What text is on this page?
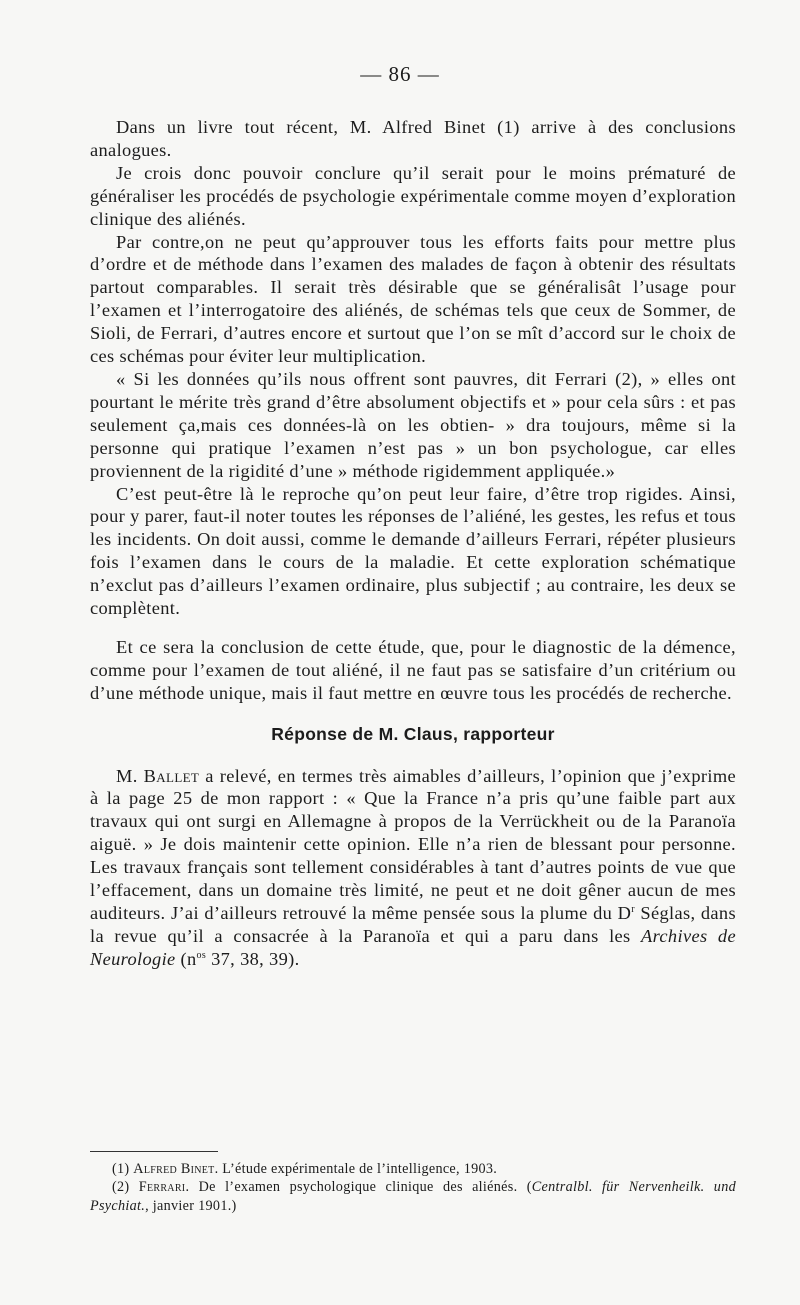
— 86 —

Dans un livre tout récent, M. Alfred Binet (1) arrive à des conclusions analogues.

Je crois donc pouvoir conclure qu’il serait pour le moins prématuré de généraliser les procédés de psychologie expérimentale comme moyen d’exploration clinique des aliénés.

Par contre,on ne peut qu’approuver tous les efforts faits pour mettre plus d’ordre et de méthode dans l’examen des malades de façon à obtenir des résultats partout comparables. Il serait très désirable que se généralisât l’usage pour l’examen et l’interrogatoire des aliénés, de schémas tels que ceux de Sommer, de Sioli, de Ferrari, d’autres encore et surtout que l’on se mît d’accord sur le choix de ces schémas pour éviter leur multiplication.

« Si les données qu’ils nous offrent sont pauvres, dit Ferrari (2), » elles ont pourtant le mérite très grand d’être absolument objectifs et » pour cela sûrs : et pas seulement ça,mais ces données-là on les obtien- » dra toujours, même si la personne qui pratique l’examen n’est pas » un bon psychologue, car elles proviennent de la rigidité d’une » méthode rigidemment appliquée.»

C’est peut-être là le reproche qu’on peut leur faire, d’être trop rigides. Ainsi, pour y parer, faut-il noter toutes les réponses de l’aliéné, les gestes, les refus et tous les incidents. On doit aussi, comme le demande d’ailleurs Ferrari, répéter plusieurs fois l’examen dans le cours de la maladie. Et cette exploration schématique n’exclut pas d’ailleurs l’examen ordinaire, plus subjectif ; au contraire, les deux se complètent.

Et ce sera la conclusion de cette étude, que, pour le diagnostic de la démence, comme pour l’examen de tout aliéné, il ne faut pas se satisfaire d’un critérium ou d’une méthode unique, mais il faut mettre en œuvre tous les procédés de recherche.

Réponse de M. Claus, rapporteur

M. Ballet a relevé, en termes très aimables d’ailleurs, l’opinion que j’exprime à la page 25 de mon rapport : « Que la France n’a pris qu’une faible part aux travaux qui ont surgi en Allemagne à propos de la Verrückheit ou de la Paranoïa aiguë. » Je dois maintenir cette opinion. Elle n’a rien de blessant pour personne. Les travaux français sont tellement considérables à tant d’autres points de vue que l’effacement, dans un domaine très limité, ne peut et ne doit gêner aucun de mes auditeurs. J’ai d’ailleurs retrouvé la même pensée sous la plume du $D^r$ Séglas, dans la revue qu’il a consacrée à la Paranoïa et qui a paru dans les Archives de Neurologie ($n^{os}$ 37, 38, 39).

(1) Alfred Binet. L’étude expérimentale de l’intelligence, 1903.

(2) Ferrari. De l’examen psychologique clinique des aliénés. (Centralbl. für Nervenheilk. und Psychiat., janvier 1901.)
